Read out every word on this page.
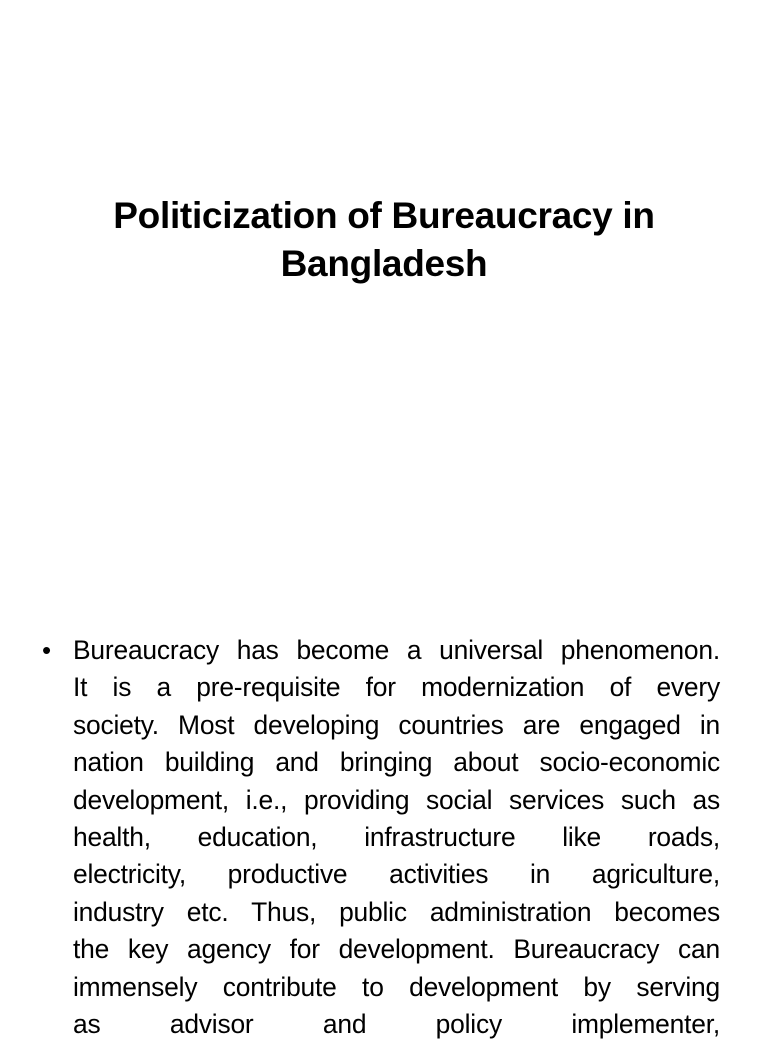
Politicization of Bureaucracy in
Bangladesh
• Bureaucracy has become a universal phenomenon.
It is a pre-requisite for modernization of every
society. Most developing countries are engaged in
nation building and bringing about socio-economic
development, i.e., providing social services such as
health, education, infrastructure like roads,
electricity, productive activities in agriculture,
industry etc. Thus, public administration becomes
the key agency for development. Bureaucracy can
immensely contribute to development by serving
as advisor and policy implementer,
